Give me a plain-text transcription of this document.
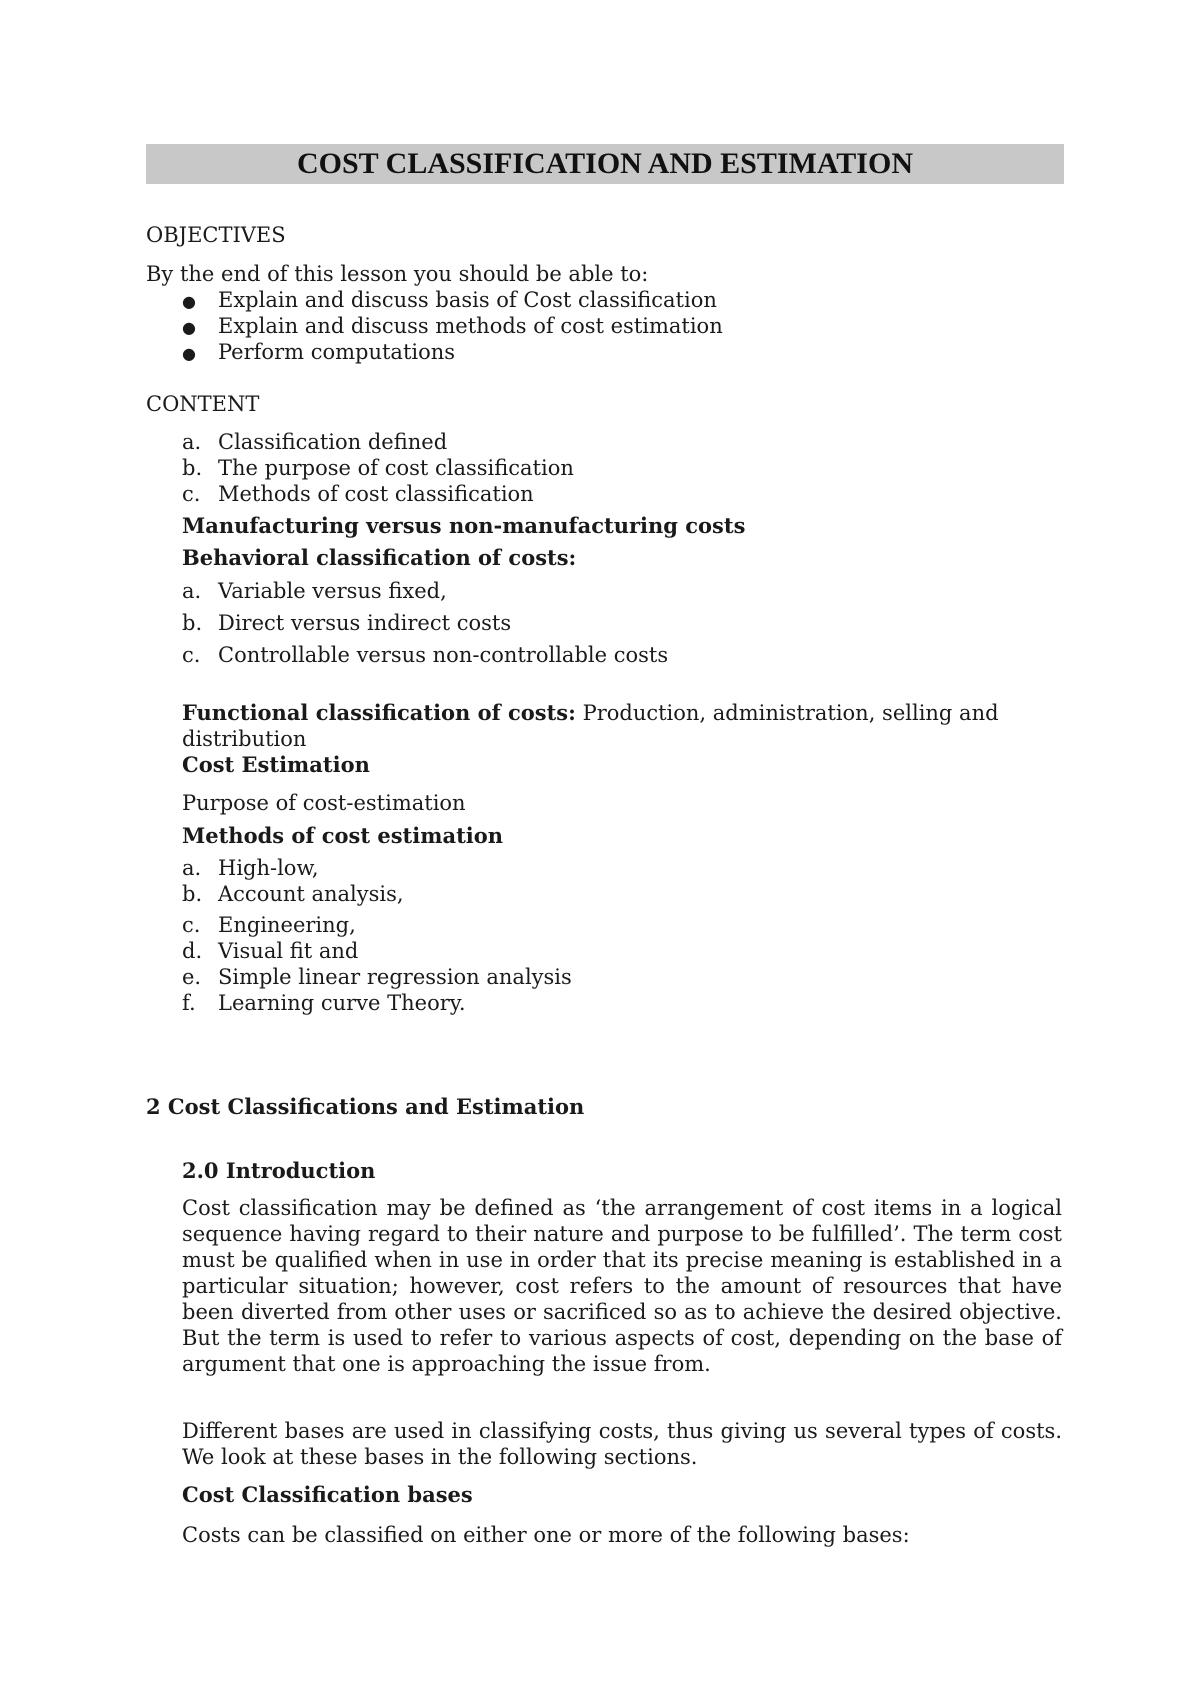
COST CLASSIFICATION AND ESTIMATION
OBJECTIVES
By the end of this lesson you should be able to:
● Explain and discuss basis of Cost classification
● Explain and discuss methods of cost estimation
● Perform computations
CONTENT
a. Classification defined
b. The purpose of cost classification
c. Methods of cost classification
Manufacturing versus non-manufacturing costs
Behavioral classification of costs:
a. Variable versus fixed,
b. Direct versus indirect costs
c. Controllable versus non-controllable costs
Functional classification of costs: Production, administration, selling and
distribution
Cost Estimation
Purpose of cost-estimation
Methods of cost estimation
a. High-low,
b. Account analysis,
c. Engineering,
d. Visual fit and
e. Simple linear regression analysis
f. Learning curve Theory.
2 Cost Classifications and Estimation
2.0 Introduction
Cost classification may be defined as ‘the arrangement of cost items in a logical sequence having regard to their nature and purpose to be fulfilled’. The term cost must be qualified when in use in order that its precise meaning is established in a particular situation; however, cost refers to the amount of resources that have been diverted from other uses or sacrificed so as to achieve the desired objective. But the term is used to refer to various aspects of cost, depending on the base of argument that one is approaching the issue from.
Different bases are used in classifying costs, thus giving us several types of costs. We look at these bases in the following sections.
Cost Classification bases
Costs can be classified on either one or more of the following bases:
